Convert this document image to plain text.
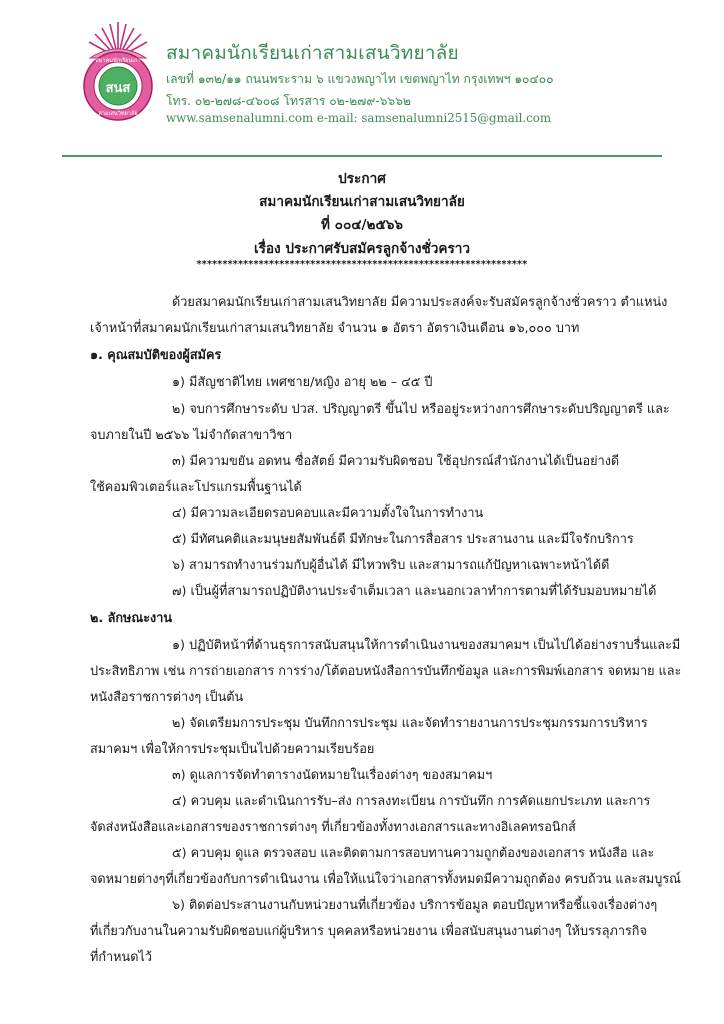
สนส
สมาคมนักเรียนเก่า
สามเสนวิทยาลัย
สมาคมนักเรียนเก่าสามเสนวิทยาลัย
เลขที่ ๑๓๒/๑๑ ถนนพระราม ๖ แขวงพญาไท เขตพญาไท กรุงเทพฯ ๑๐๔๐๐
โทร. ๐๒-๒๗๘-๔๖๐๘ โทรสาร ๐๒-๒๗๙-๖๖๖๒
www.samsenalumni.com e-mail: samsenalumni2515@gmail.com
ประกาศ
สมาคมนักเรียนเก่าสามเสนวิทยาลัย
ที่ ๐๐๔/๒๕๖๖
เรื่อง ประกาศรับสมัครลูกจ้างชั่วคราว
****************************************************************
ด้วยสมาคมนักเรียนเก่าสามเสนวิทยาลัย มีความประสงค์จะรับสมัครลูกจ้างชั่วคราว ตำแหน่ง
เจ้าหน้าที่สมาคมนักเรียนเก่าสามเสนวิทยาลัย จำนวน ๑ อัตรา อัตราเงินเดือน ๑๖,๐๐๐ บาท
๑. คุณสมบัติของผู้สมัคร
๑) มีสัญชาติไทย เพศชาย/หญิง อายุ ๒๒ – ๔๕ ปี
๒) จบการศึกษาระดับ ปวส. ปริญญาตรี ขึ้นไป หรืออยู่ระหว่างการศึกษาระดับปริญญาตรี และ
จบภายในปี ๒๕๖๖ ไม่จำกัดสาขาวิชา
๓) มีความขยัน อดทน ซื่อสัตย์ มีความรับผิดชอบ ใช้อุปกรณ์สำนักงานได้เป็นอย่างดี
ใช้คอมพิวเตอร์และโปรแกรมพื้นฐานได้
๔) มีความละเอียดรอบคอบและมีความตั้งใจในการทำงาน
๕) มีทัศนคติและมนุษยสัมพันธ์ดี มีทักษะในการสื่อสาร ประสานงาน และมีใจรักบริการ
๖) สามารถทำงานร่วมกับผู้อื่นได้ มีไหวพริบ และสามารถแก้ปัญหาเฉพาะหน้าได้ดี
๗) เป็นผู้ที่สามารถปฏิบัติงานประจำเต็มเวลา และนอกเวลาทำการตามที่ได้รับมอบหมายได้
๒. ลักษณะงาน
๑) ปฏิบัติหน้าที่ด้านธุรการสนับสนุนให้การดำเนินงานของสมาคมฯ เป็นไปได้อย่างราบรื่นและมี
ประสิทธิภาพ เช่น การถ่ายเอกสาร การร่าง/โต้ตอบหนังสือการบันทึกข้อมูล และการพิมพ์เอกสาร จดหมาย และ
หนังสือราชการต่างๆ เป็นต้น
๒) จัดเตรียมการประชุม บันทึกการประชุม และจัดทำรายงานการประชุมกรรมการบริหาร
สมาคมฯ เพื่อให้การประชุมเป็นไปด้วยความเรียบร้อย
๓) ดูแลการจัดทำตารางนัดหมายในเรื่องต่างๆ ของสมาคมฯ
๔) ควบคุม และดำเนินการรับ–ส่ง การลงทะเบียน การบันทึก การคัดแยกประเภท และการ
จัดส่งหนังสือและเอกสารของราชการต่างๆ ที่เกี่ยวข้องทั้งทางเอกสารและทางอิเลคทรอนิกส์
๕) ควบคุม ดูแล ตรวจสอบ และติดตามการสอบทานความถูกต้องของเอกสาร หนังสือ และ
จดหมายต่างๆที่เกี่ยวข้องกับการดำเนินงาน เพื่อให้แน่ใจว่าเอกสารทั้งหมดมีความถูกต้อง ครบถ้วน และสมบูรณ์
๖) ติดต่อประสานงานกับหน่วยงานที่เกี่ยวข้อง บริการข้อมูล ตอบปัญหาหรือชี้แจงเรื่องต่างๆ
ที่เกี่ยวกับงานในความรับผิดชอบแก่ผู้บริหาร บุคคลหรือหน่วยงาน เพื่อสนับสนุนงานต่างๆ ให้บรรลุภารกิจ
ที่กำหนดไว้
